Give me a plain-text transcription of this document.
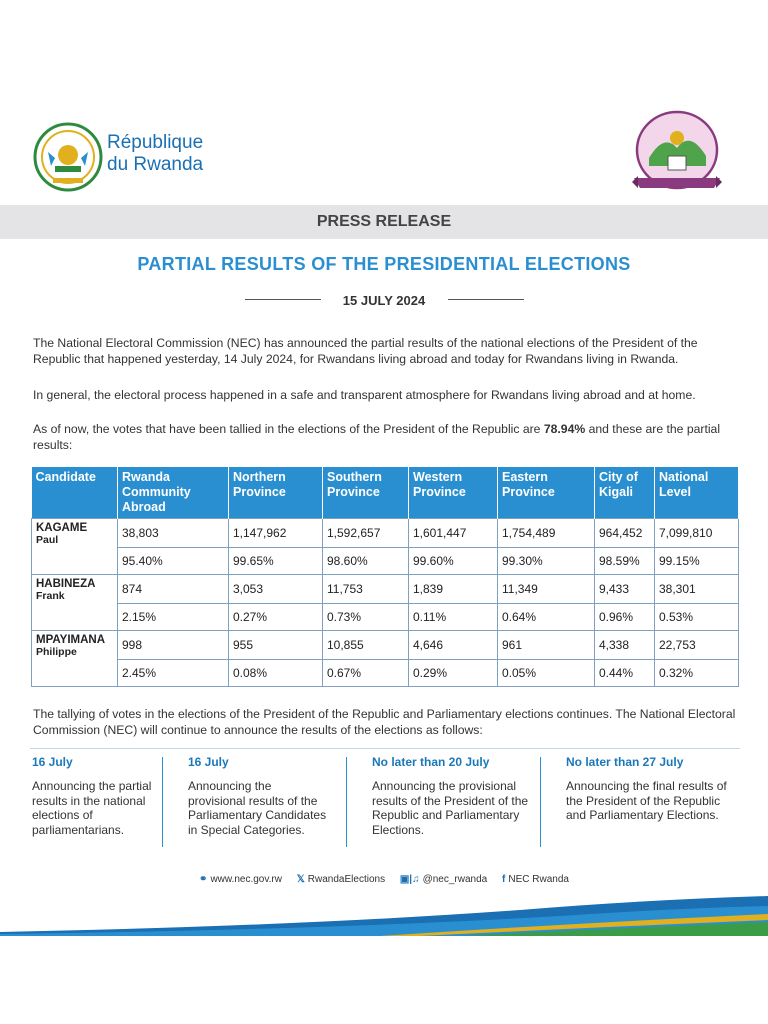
République
du Rwanda
PRESS RELEASE
PARTIAL RESULTS OF THE PRESIDENTIAL ELECTIONS
15 JULY 2024

The National Electoral Commission (NEC) has announced the partial results of the national elections of the President of the Republic that happened yesterday, 14 July 2024, for Rwandans living abroad and today for Rwandans living in Rwanda.

In general, the electoral process happened in a safe and transparent atmosphere for Rwandans living abroad and at home.

As of now, the votes that have been tallied in the elections of the President of the Republic are 78.94% and these are the partial results:

Candidate	Rwanda Community Abroad	Northern Province	Southern Province	Western Province	Eastern Province	City of Kigali	National Level
KAGAME
Paul	38,803	1,147,962	1,592,657	1,601,447	1,754,489	964,452	7,099,810
	95.40%	99.65%	98.60%	99.60%	99.30%	98.59%	99.15%
HABINEZA
Frank	874	3,053	11,753	1,839	11,349	9,433	38,301
	2.15%	0.27%	0.73%	0.11%	0.64%	0.96%	0.53%
MPAYIMANA
Philippe	998	955	10,855	4,646	961	4,338	22,753
	2.45%	0.08%	0.67%	0.29%	0.05%	0.44%	0.32%

The tallying of votes in the elections of the President of the Republic and Parliamentary elections continues. The National Electoral Commission (NEC) will continue to announce the results of the elections as follows:

16 July
Announcing the partial results in the national elections of parliamentarians.
16 July
Announcing the provisional results of the Parliamentary Candidates in Special Categories.
No later than 20 July
Announcing the provisional results of the President of the Republic and Parliamentary Elections.
No later than 27 July
Announcing the final results of the President of the Republic and Parliamentary Elections.
⚭ www.nec.gov.rw 𝕏 RwandaElections ▣|♫ @nec_rwanda f NEC Rwanda
